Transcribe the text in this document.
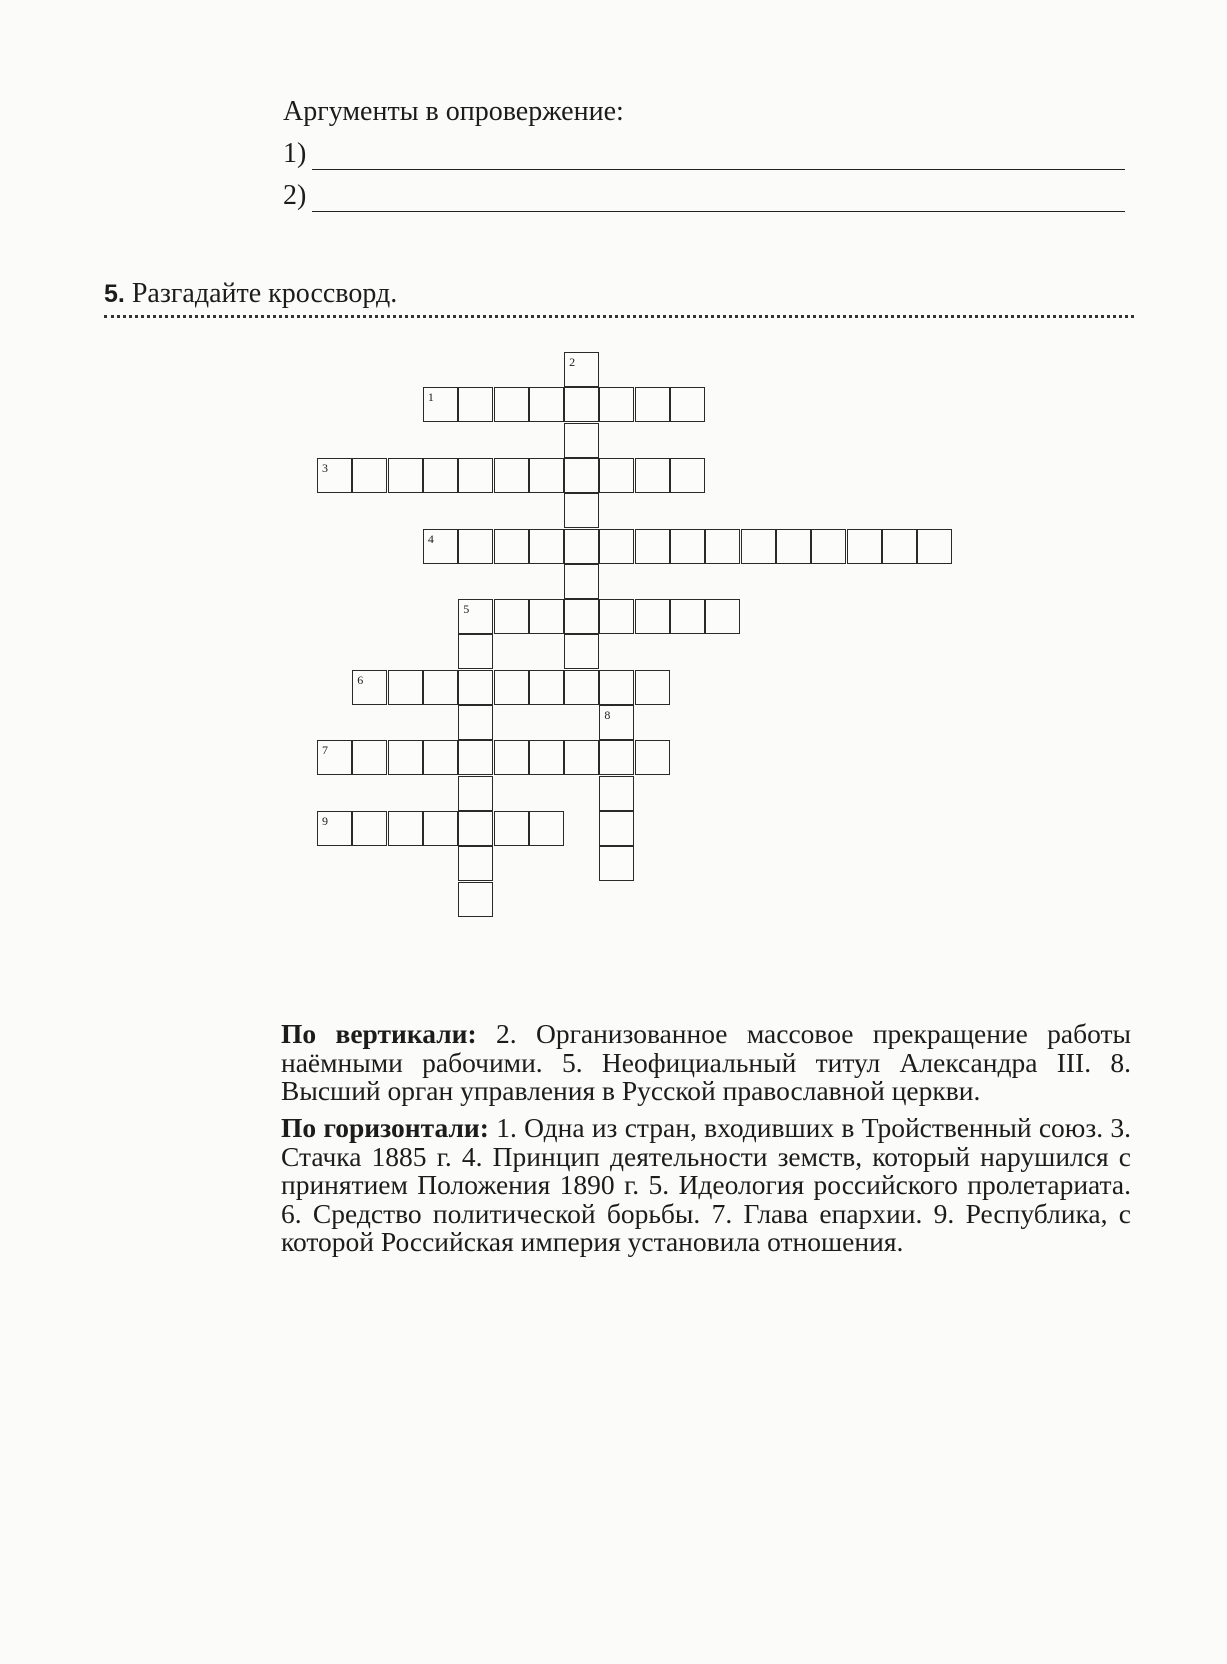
Аргументы в опровержение:
1)
2)
5. Разгадайте кроссворд.
1
2
3
4
5
6
7
8
9

По вертикали: 2. Организованное массовое прекращение работы наёмными рабочими. 5. Неофициальный титул Александра III. 8. Высший орган управления в Русской православной церкви.

По горизонтали: 1. Одна из стран, входивших в Тройственный союз. 3. Стачка 1885 г. 4. Принцип деятельности земств, который нарушился с принятием Положения 1890 г. 5. Идеология российского пролетариата. 6. Средство политической борьбы. 7. Глава епархии. 9. Республика, с которой Российская империя установила отношения.
